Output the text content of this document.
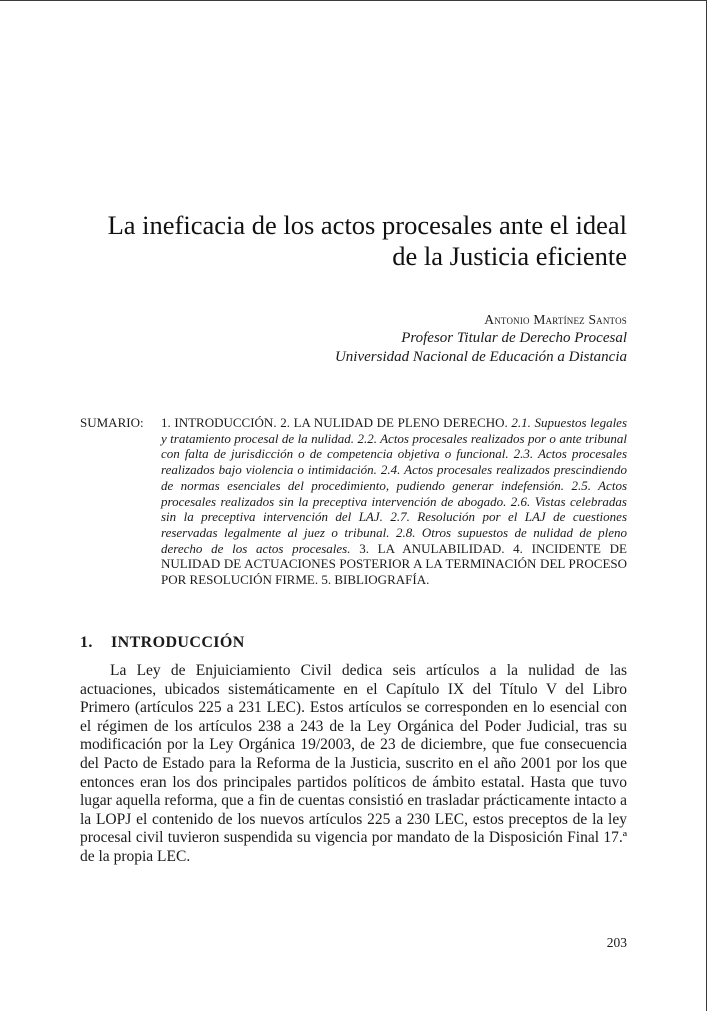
La ineficacia de los actos procesales ante el ideal
de la Justicia eficiente
Antonio Martínez Santos
Profesor Titular de Derecho Procesal
Universidad Nacional de Educación a Distancia
SUMARIO: 1. INTRODUCCIÓN. 2. LA NULIDAD DE PLENO DERECHO. 2.1. Supuestos legales y tratamiento procesal de la nulidad. 2.2. Actos procesales realizados por o ante tribunal con falta de jurisdicción o de competencia objetiva o funcional. 2.3. Actos procesales realizados bajo violencia o intimidación. 2.4. Actos procesales realizados prescindiendo de normas esenciales del procedimiento, pudiendo generar indefensión. 2.5. Actos procesales realizados sin la preceptiva intervención de abogado. 2.6. Vistas celebradas sin la preceptiva intervención del LAJ. 2.7. Resolución por el LAJ de cuestiones reservadas legalmente al juez o tribunal. 2.8. Otros supuestos de nulidad de pleno derecho de los actos procesales. 3. LA ANULABILIDAD. 4. INCIDENTE DE NULIDAD DE ACTUACIONES POSTERIOR A LA TERMINACIÓN DEL PROCESO POR RESOLUCIÓN FIRME. 5. BIBLIOGRAFÍA.
1. INTRODUCCIÓN

La Ley de Enjuiciamiento Civil dedica seis artículos a la nulidad de las actuaciones, ubicados sistemáticamente en el Capítulo IX del Título V del Libro Primero (artículos 225 a 231 LEC). Estos artículos se corresponden en lo esencial con el régimen de los artículos 238 a 243 de la Ley Orgánica del Poder Judicial, tras su modificación por la Ley Orgánica 19/2003, de 23 de diciembre, que fue consecuencia del Pacto de Estado para la Reforma de la Justicia, suscrito en el año 2001 por los que entonces eran los dos principales partidos políticos de ámbito estatal. Hasta que tuvo lugar aquella reforma, que a fin de cuentas consistió en trasladar prácticamente intacto a la LOPJ el contenido de los nuevos artículos 225 a 230 LEC, estos preceptos de la ley procesal civil tuvieron suspendida su vigencia por mandato de la Disposición Final 17.ª de la propia LEC.

203
